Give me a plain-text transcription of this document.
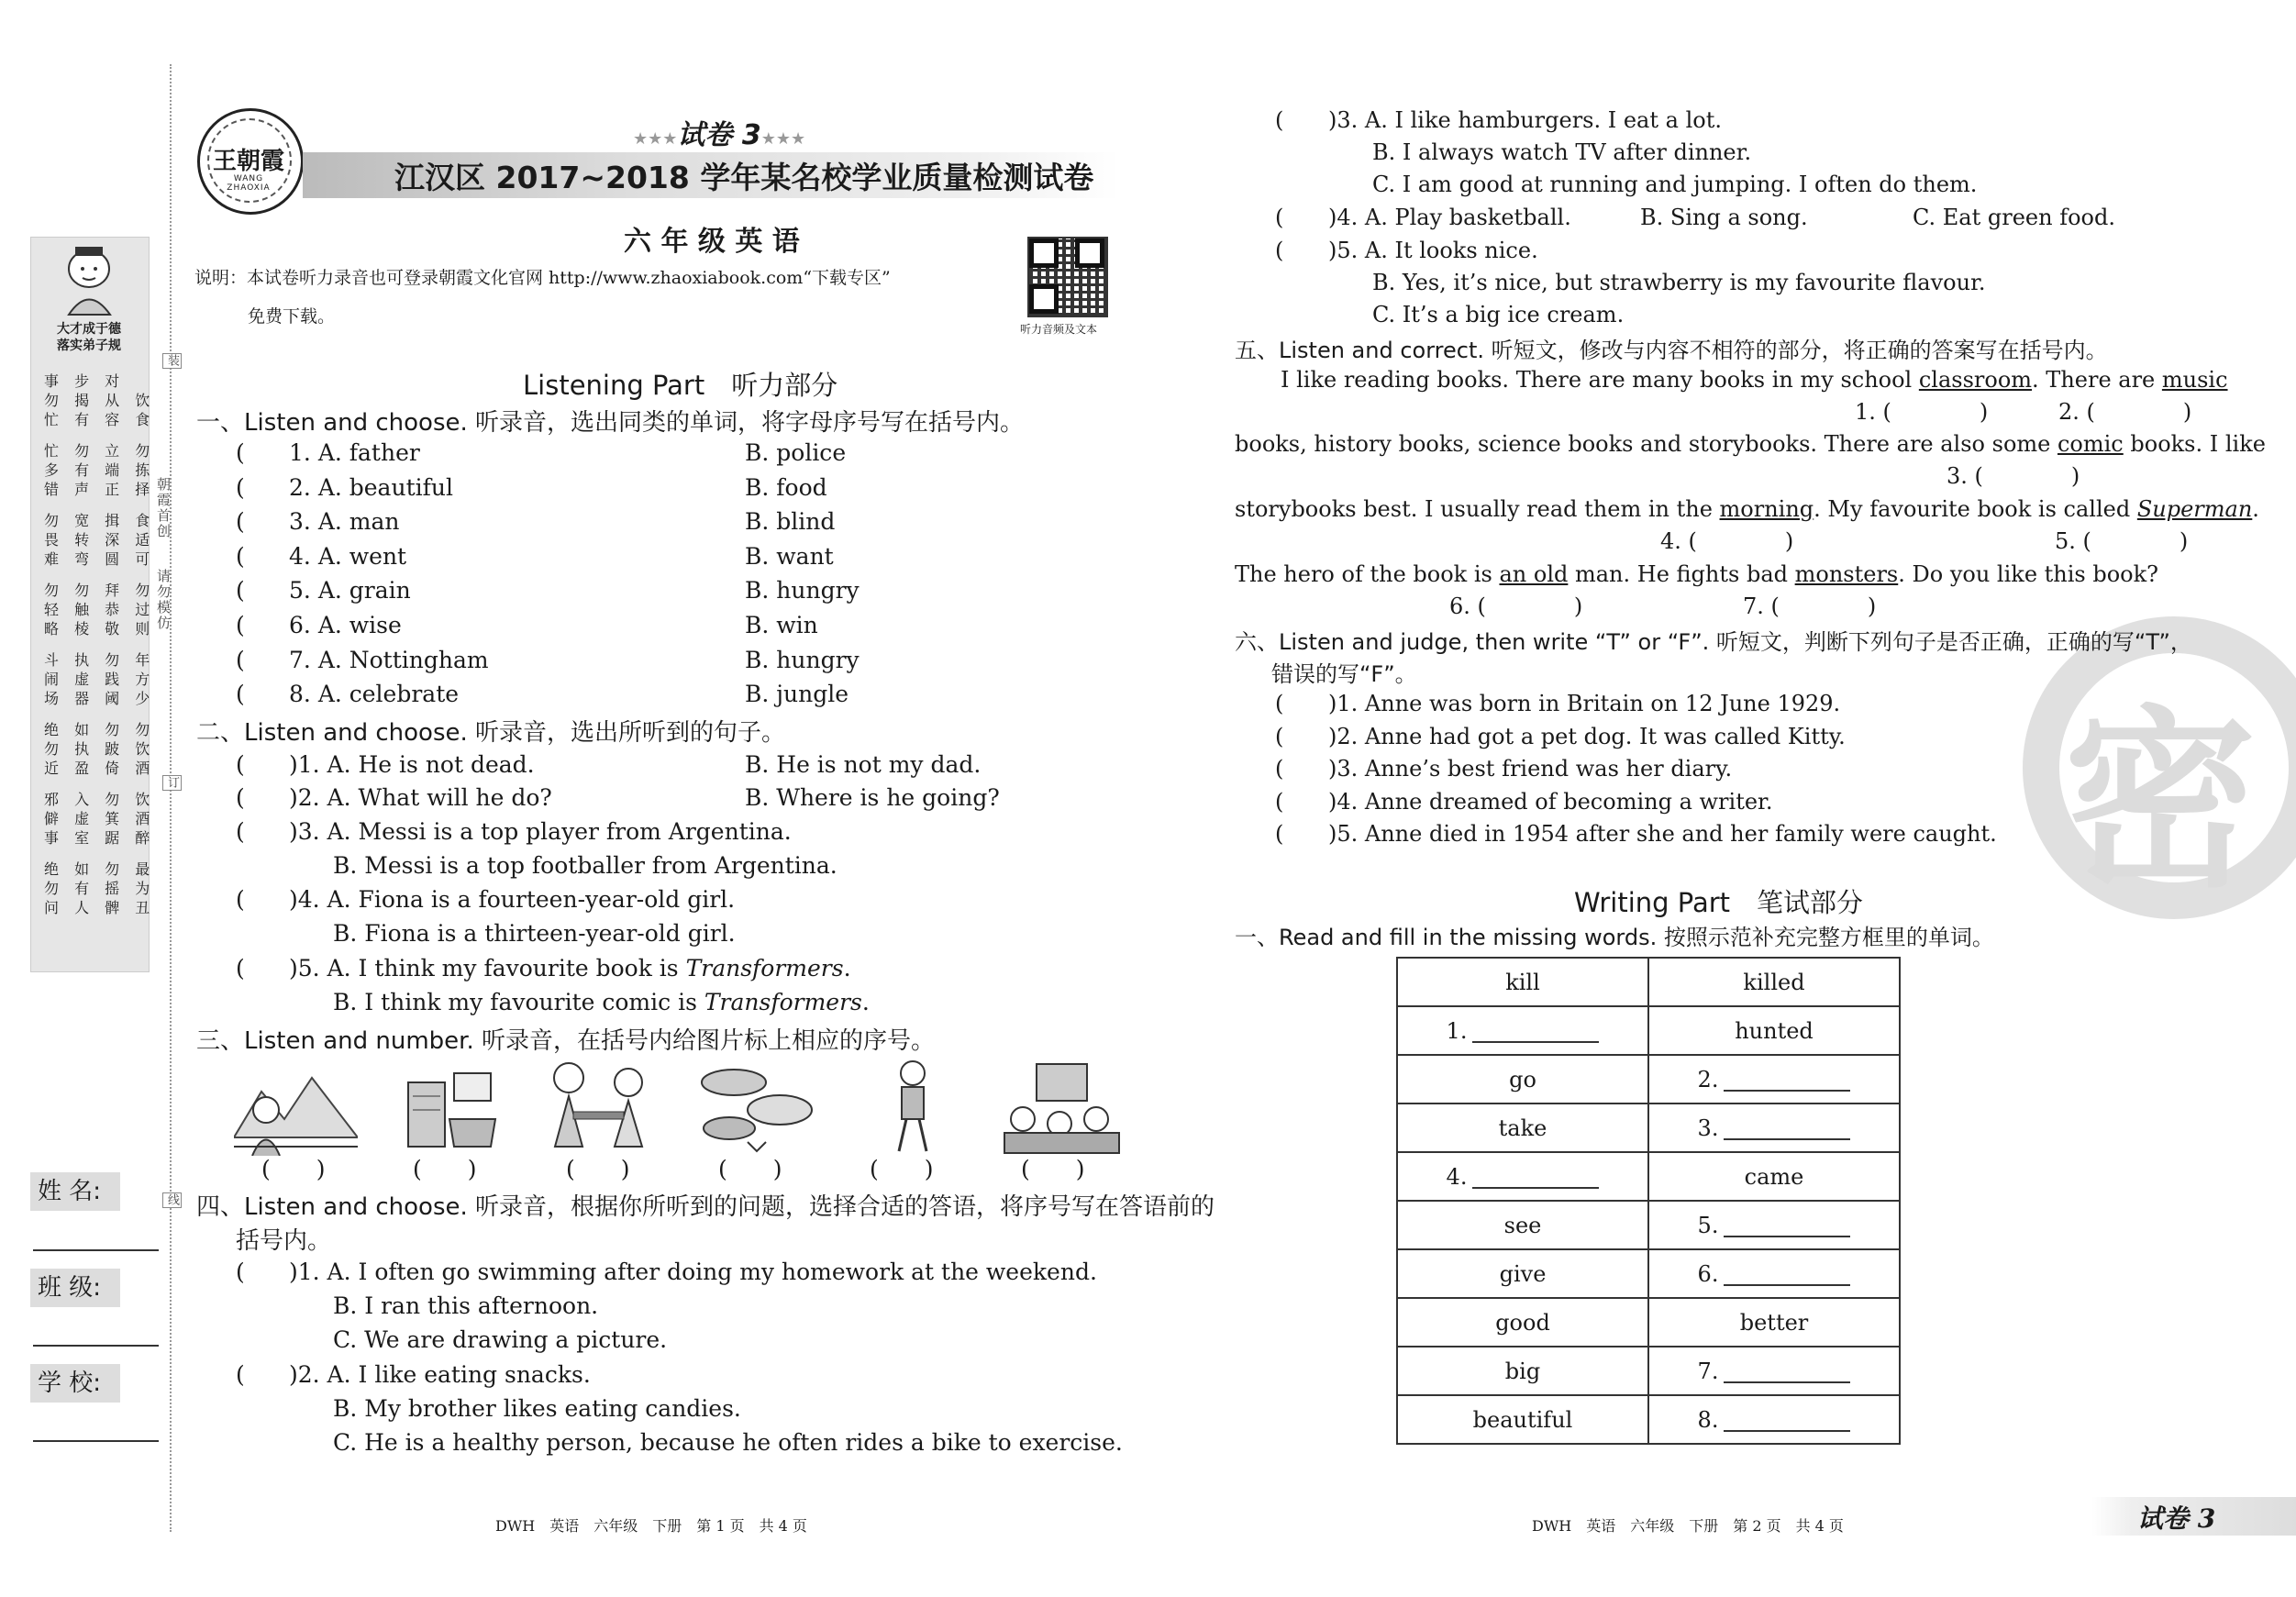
大才成于德
落实弟子规
事 步 对
勿 揭 从 饮
忙 有 容 食
忙 勿 立 勿
多 有 端 拣
错 声 正 择
勿 宽 揖 食
畏 转 深 适
难 弯 圆 可
勿 勿 拜 勿
轻 触 恭 过
略 棱 敬 则
斗 执 勿 年
闹 虚 践 方
场 器 阈 少
绝 如 勿 勿
勿 执 跛 饮
近 盈 倚 酒
邪 入 勿 饮
僻 虚 箕 酒
事 室 踞 醉
绝 如 勿 最
勿 有 摇 为
问 人 髀 丑
朝霞首创
请勿模仿
装
订
线
姓 名:
班 级:
学 校:
王朝霞
WANG ZHAOXIA
★★★试卷 3★★★
江汉区 2017~2018 学年某名校学业质量检测试卷
六 年 级 英 语
说明：本试卷听力录音也可登录朝霞文化官网 http://www.zhaoxiabook.com“下载专区”
免费下载。
听力音频及文本
Listening Part　听力部分
一、Listen and choose. 听录音，选出同类的单词，将字母序号写在括号内。
( 1. A. father	B. police
( 2. A. beautiful	B. food
( 3. A. man	B. blind
( 4. A. went	B. want
( 5. A. grain	B. hungry
( 6. A. wise	B. win
( 7. A. Nottingham	B. hungry
( 8. A. celebrate	B. jungle
二、Listen and choose. 听录音，选出所听到的句子。
( )1. A. He is not dead.	B. He is not my dad.
( )2. A. What will he do?	B. Where is he going?
( )3. A. Messi is a top player from Argentina.
B. Messi is a top footballer from Argentina.
( )4. A. Fiona is a fourteen-year-old girl.
B. Fiona is a thirteen-year-old girl.
( )5. A. I think my favourite book is Transformers.
B. I think my favourite comic is Transformers.
三、Listen and number. 听录音，在括号内给图片标上相应的序号。
(　　)	(　　)	(　　)	(　　)	(　　)	(　　)
四、Listen and choose. 听录音，根据你所听到的问题，选择合适的答语，将序号写在答语前的
括号内。
( )1. A. I often go swimming after doing my homework at the weekend.
B. I ran this afternoon.
C. We are drawing a picture.
( )2. A. I like eating snacks.
B. My brother likes eating candies.
C. He is a healthy person, because he often rides a bike to exercise.
DWH　英语　六年级　下册　第 1 页　共 4 页
密
( )3. A. I like hamburgers. I eat a lot.
B. I always watch TV after dinner.
C. I am good at running and jumping. I often do them.
( )4. A. Play basketball.	B. Sing a song.	C. Eat green food.
( )5. A. It looks nice.
B. Yes, it’s nice, but strawberry is my favourite flavour.
C. It’s a big ice cream.
五、Listen and correct. 听短文，修改与内容不相符的部分，将正确的答案写在括号内。
I like reading books. There are many books in my school classroom. There are music
1. (　　　　)	2. (　　　　)
books, history books, science books and storybooks. There are also some comic books. I like
3. (　　　　)
storybooks best. I usually read them in the morning. My favourite book is called Superman.
4. (　　　　)	5. (　　　　)
The hero of the book is an old man. He fights bad monsters. Do you like this book?
6. (　　　　)	7. (　　　　)
六、Listen and judge, then write “T” or “F”. 听短文，判断下列句子是否正确，正确的写“T”，
错误的写“F”。
( )1. Anne was born in Britain on 12 June 1929.
( )2. Anne had got a pet dog. It was called Kitty.
( )3. Anne’s best friend was her diary.
( )4. Anne dreamed of becoming a writer.
( )5. Anne died in 1954 after she and her family were caught.
Writing Part　笔试部分
一、Read and fill in the missing words. 按照示范补充完整方框里的单词。
kill	killed
1.	hunted
go	2.
take	3.
4.	came
see	5.
give	6.
good	better
big	7.
beautiful	8.
DWH　英语　六年级　下册　第 2 页　共 4 页	试卷 3
